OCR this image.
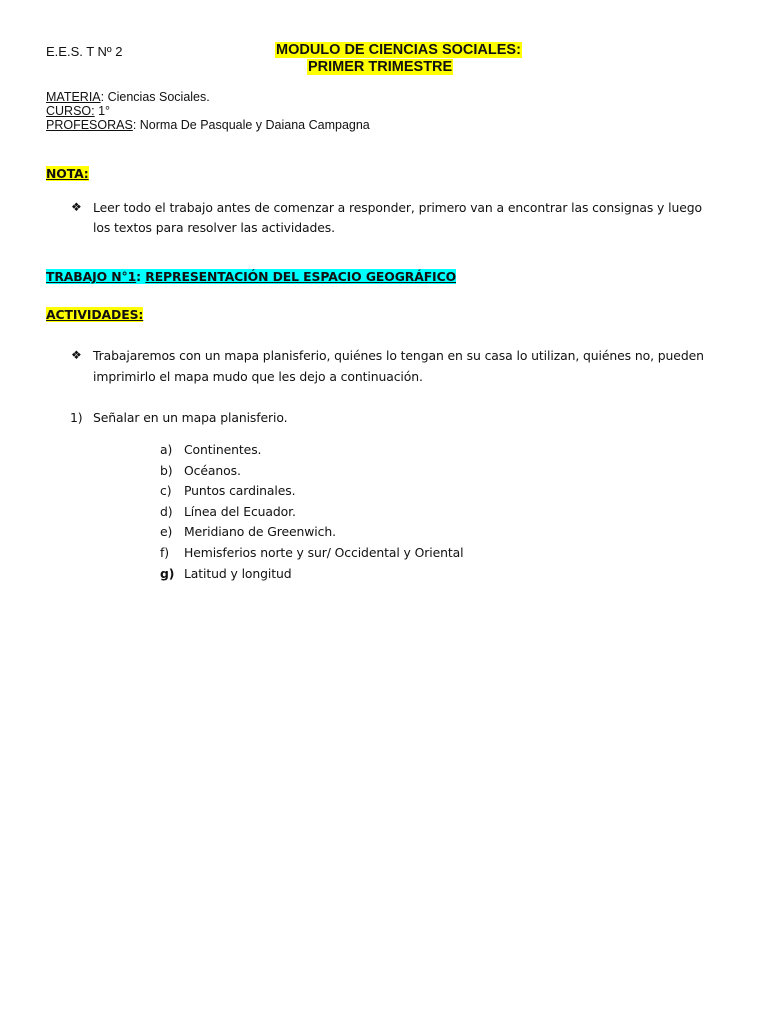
E.E.S. T Nº 2	MODULO DE CIENCIAS SOCIALES:
PRIMER TRIMESTRE
MATERIA: Ciencias Sociales.
CURSO: 1°
PROFESORAS: Norma De Pasquale y Daiana Campagna
NOTA:
❖ Leer todo el trabajo antes de comenzar a responder, primero van a encontrar las consignas y luego
los textos para resolver las actividades.
TRABAJO N°1: REPRESENTACIÓN DEL ESPACIO GEOGRÁFICO
ACTIVIDADES:
❖ Trabajaremos con un mapa planisferio, quiénes lo tengan en su casa lo utilizan, quiénes no, pueden
imprimirlo el mapa mudo que les dejo a continuación.
1) Señalar en un mapa planisferio.
a) Continentes.
b) Océanos.
c) Puntos cardinales.
d) Línea del Ecuador.
e) Meridiano de Greenwich.
f) Hemisferios norte y sur/ Occidental y Oriental
g) Latitud y longitud
